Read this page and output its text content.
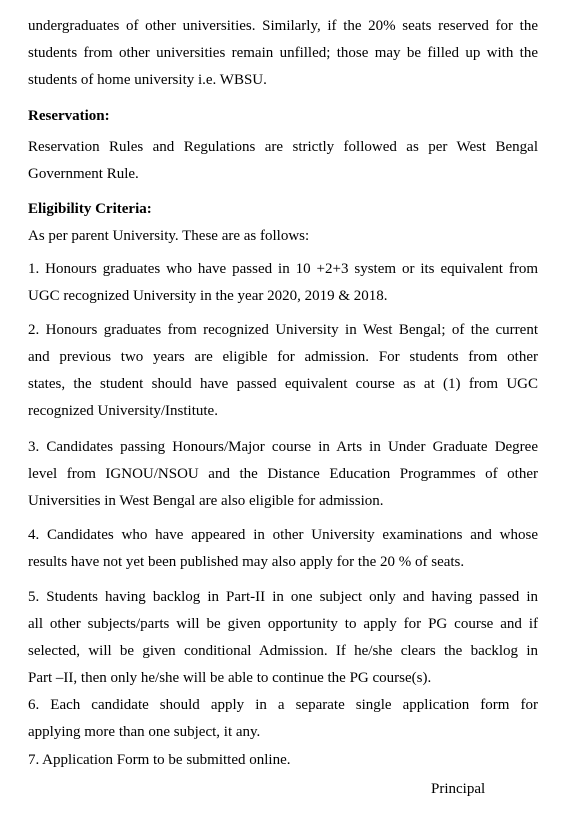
undergraduates of other universities. Similarly, if the 20% seats reserved for the
students from other universities remain unfilled; those may be filled up with the
students of home university i.e. WBSU.

Reservation:

Reservation Rules and Regulations are strictly followed as per West Bengal
Government Rule.

Eligibility Criteria:

As per parent University. These are as follows:

1. Honours graduates who have passed in 10 +2+3 system or its equivalent from
UGC recognized University in the year 2020, 2019 & 2018.

2. Honours graduates from recognized University in West Bengal; of the current
and previous two years are eligible for admission. For students from other
states, the student should have passed equivalent course as at (1) from UGC
recognized University/Institute.

3. Candidates passing Honours/Major course in Arts in Under Graduate Degree
level from IGNOU/NSOU and the Distance Education Programmes of other
Universities in West Bengal are also eligible for admission.

4. Candidates who have appeared in other University examinations and whose
results have not yet been published may also apply for the 20 % of seats.

5. Students having backlog in Part-II in one subject only and having passed in
all other subjects/parts will be given opportunity to apply for PG course and if
selected, will be given conditional Admission. If he/she clears the backlog in
Part –II, then only he/she will be able to continue the PG course(s).

6. Each candidate should apply in a separate single application form for
applying more than one subject, it any.

7. Application Form to be submitted online.

Principal
